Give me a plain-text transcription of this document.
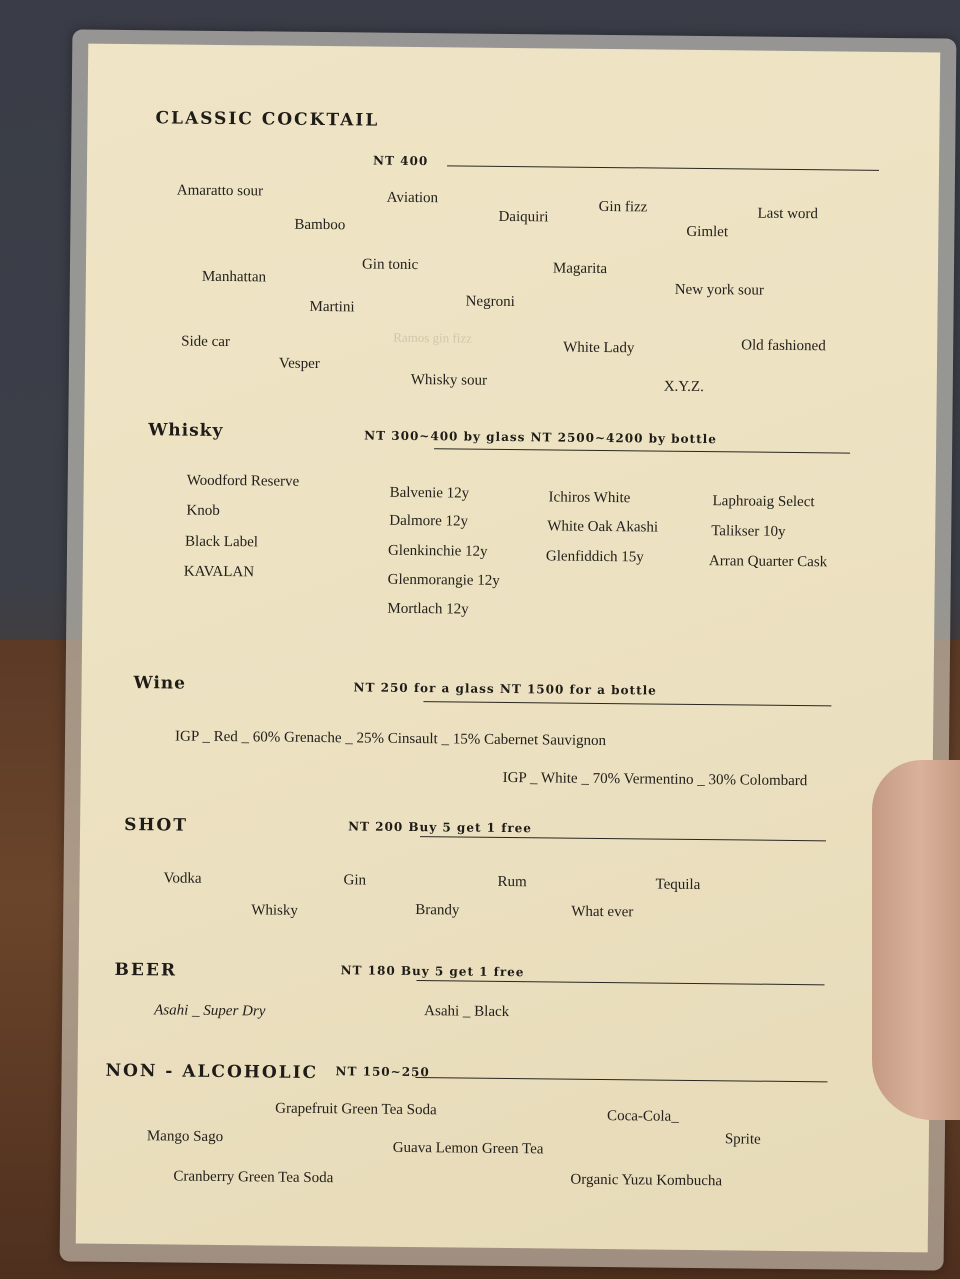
CLASSIC COCKTAIL
NT 400
Amaratto sour	Aviation
Bamboo	Daiquiri
Gin fizz
Gimlet
Last word
Manhattan
Gin tonic	Magarita
New york sour
Martini	Negroni
Ramos gin fizz
Side car
Vesper
White Lady	Old fashioned
Whisky sour	X.Y.Z.
Whisky	NT 300~400 by glass NT 2500~4200 by bottle
Woodford Reserve
Knob
Black Label
KAVALAN
Balvenie 12y
Dalmore 12y
Glenkinchie 12y
Glenmorangie 12y
Mortlach 12y
Ichiros White
White Oak Akashi
Glenfiddich 15y
Laphroaig Select
Talikser 10y
Arran Quarter Cask
Wine	NT 250 for a glass NT 1500 for a bottle
IGP _ Red _ 60% Grenache _ 25% Cinsault _ 15% Cabernet Sauvignon
IGP _ White _ 70% Vermentino _ 30% Colombard
SHOT	NT 200 Buy 5 get 1 free
Vodka	Gin	Rum	Tequila
Whisky	Brandy	What ever
BEER	NT 180 Buy 5 get 1 free
Asahi _ Super Dry	Asahi _ Black
NON - ALCOHOLIC NT 150~250
Grapefruit Green Tea Soda	Coca-Cola_
Mango Sago	Sprite
Guava Lemon Green Tea
Cranberry Green Tea Soda	Organic Yuzu Kombucha
